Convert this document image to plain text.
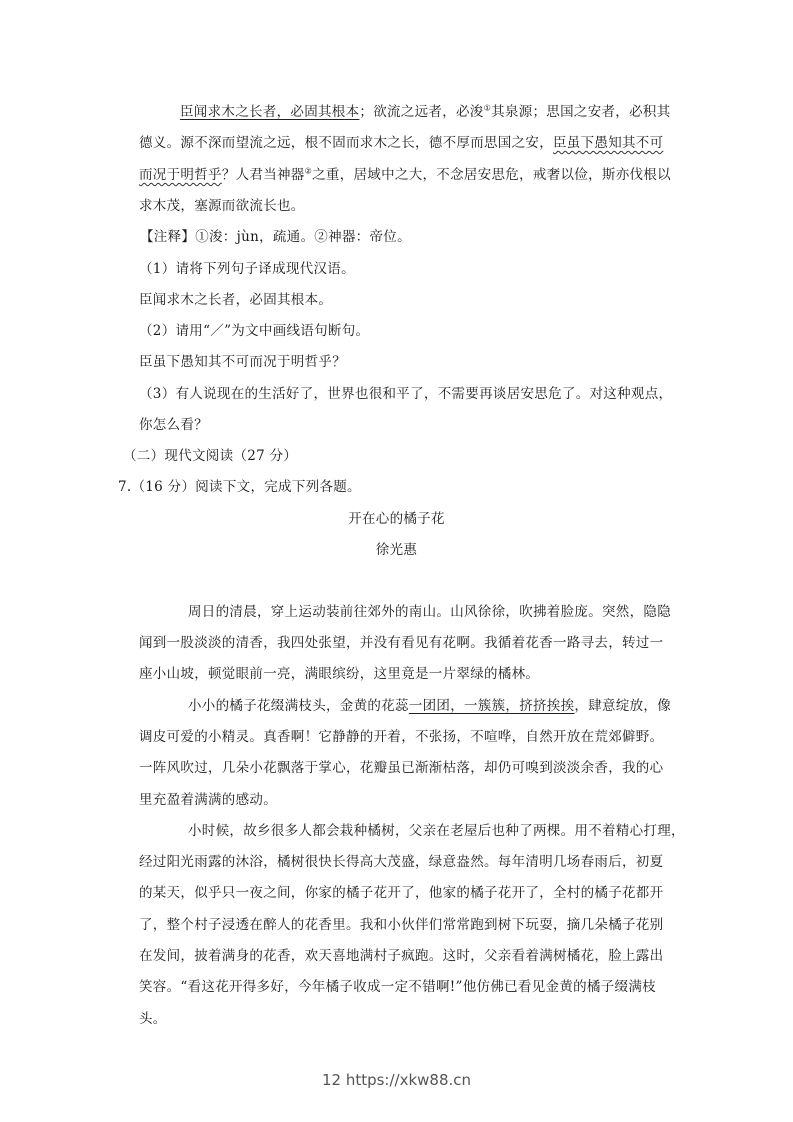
臣闻求木之长者，必固其根本；欲流之远者，必浚①其泉源；思国之安者，必积其
德义。源不深而望流之远，根不固而求木之长，德不厚而思国之安，臣虽下愚知其不可
而况于明哲乎？人君当神器②之重，居域中之大，不念居安思危，戒奢以俭，斯亦伐根以
求木茂，塞源而欲流长也。
【注释】①浚：jùn，疏通。②神器：帝位。
（1）请将下列句子译成现代汉语。
臣闻求木之长者，必固其根本。
（2）请用“／”为文中画线语句断句。
臣虽下愚知其不可而况于明哲乎？
（3）有人说现在的生活好了，世界也很和平了，不需要再谈居安思危了。对这种观点，
你怎么看？
（二）现代文阅读（27 分）
7.（16 分）阅读下文，完成下列各题。
开在心的橘子花
徐光惠
周日的清晨，穿上运动装前往郊外的南山。山风徐徐，吹拂着脸庞。突然，隐隐
闻到一股淡淡的清香，我四处张望，并没有看见有花啊。我循着花香一路寻去，转过一
座小山坡，顿觉眼前一亮，满眼缤纷，这里竟是一片翠绿的橘林。
小小的橘子花缀满枝头，金黄的花蕊一团团，一簇簇，挤挤挨挨，肆意绽放，像
调皮可爱的小精灵。真香啊！它静静的开着，不张扬，不喧哗，自然开放在荒郊僻野。
一阵风吹过，几朵小花飘落于掌心，花瓣虽已渐渐枯落，却仍可嗅到淡淡余香，我的心
里充盈着满满的感动。
小时候，故乡很多人都会栽种橘树，父亲在老屋后也种了两棵。用不着精心打理，
经过阳光雨露的沐浴，橘树很快长得高大茂盛，绿意盎然。每年清明几场春雨后，初夏
的某天，似乎只一夜之间，你家的橘子花开了，他家的橘子花开了，全村的橘子花都开
了，整个村子浸透在醉人的花香里。我和小伙伴们常常跑到树下玩耍，摘几朵橘子花别
在发间，披着满身的花香，欢天喜地满村子疯跑。这时，父亲看着满树橘花，脸上露出
笑容。“看这花开得多好，今年橘子收成一定不错啊!”他仿佛已看见金黄的橘子缀满枝
头。
12 https://xkw88.cn
